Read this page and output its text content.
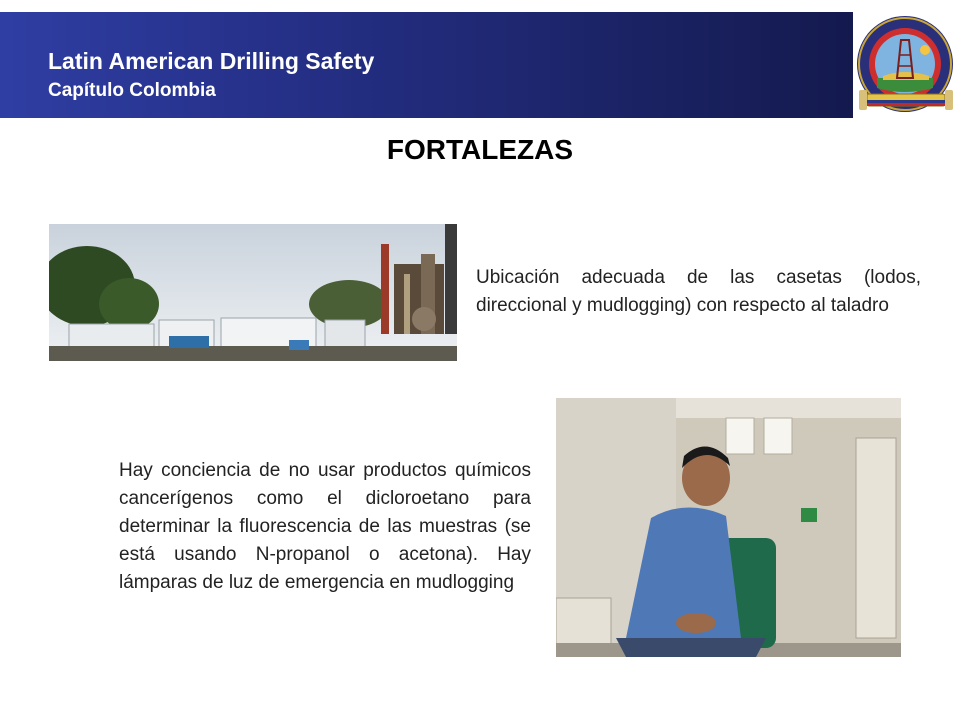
Latin American Drilling Safety
Capítulo Colombia
FORTALEZAS
Ubicación adecuada de las casetas (lodos, direccional y mudlogging) con respecto al taladro
Hay conciencia de no usar productos químicos cancerígenos como el dicloroetano para determinar la fluorescencia de las muestras (se está usando N-propanol o acetona). Hay lámparas de luz de emergencia en mudlogging
